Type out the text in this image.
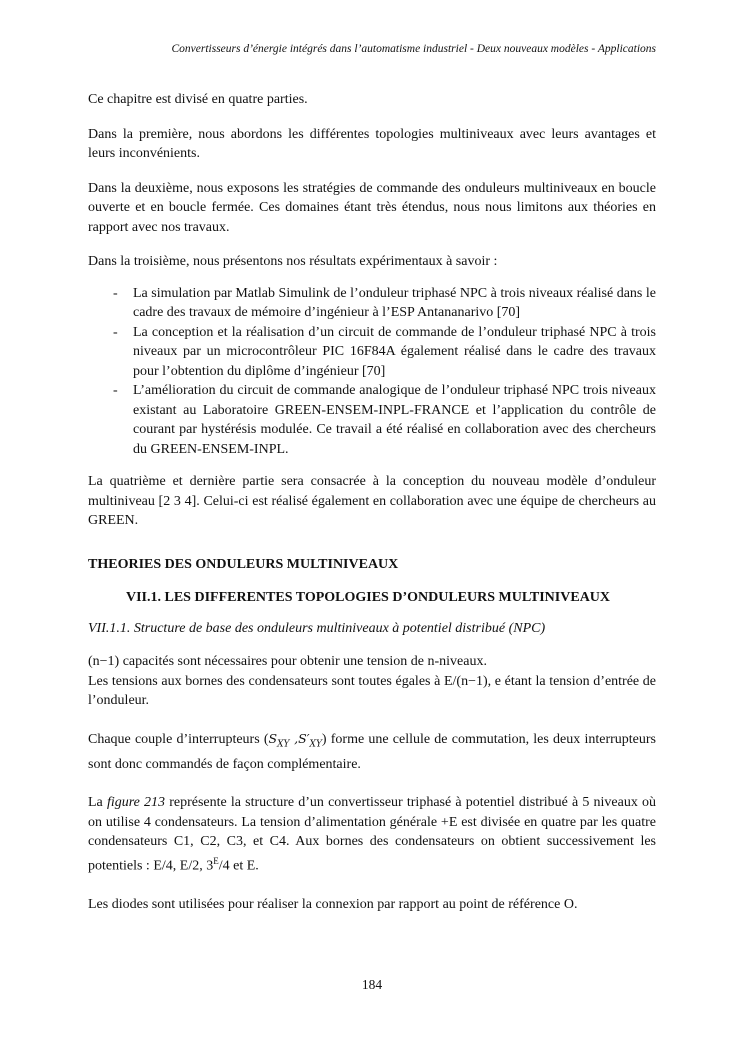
Convertisseurs d’énergie intégrés dans l’automatisme industriel - Deux nouveaux modèles - Applications

Ce chapitre est divisé en quatre parties.

Dans la première, nous abordons les différentes topologies multiniveaux avec leurs avantages et leurs inconvénients.

Dans la deuxième, nous exposons les stratégies de commande des onduleurs multiniveaux en boucle ouverte et en boucle fermée. Ces domaines étant très étendus, nous nous limitons aux théories en rapport avec nos travaux.

Dans la troisième, nous présentons nos résultats expérimentaux à savoir :

- La simulation par Matlab Simulink de l’onduleur triphasé NPC à trois niveaux réalisé dans le cadre des travaux de mémoire d’ingénieur à l’ESP Antananarivo [70]
- La conception et la réalisation d’un circuit de commande de l’onduleur triphasé NPC à trois niveaux par un microcontrôleur PIC 16F84A également réalisé dans le cadre des travaux pour l’obtention du diplôme d’ingénieur [70]
- L’amélioration du circuit de commande analogique de l’onduleur triphasé NPC trois niveaux existant au Laboratoire GREEN-ENSEM-INPL-FRANCE et l’application du contrôle de courant par hystérésis modulée. Ce travail a été réalisé en collaboration avec des chercheurs du GREEN-ENSEM-INPL.

La quatrième et dernière partie sera consacrée à la conception du nouveau modèle d’onduleur multiniveau [2 3 4]. Celui-ci est réalisé également en collaboration avec une équipe de chercheurs au GREEN.

THEORIES DES ONDULEURS MULTINIVEAUX
VII.1. LES DIFFERENTES TOPOLOGIES D’ONDULEURS MULTINIVEAUX
VII.1.1. Structure de base des onduleurs multiniveaux à potentiel distribué (NPC)

(n−1) capacités sont nécessaires pour obtenir une tension de n-niveaux.
Les tensions aux bornes des condensateurs sont toutes égales à E/(n−1), e étant la tension d’entrée de l’onduleur.

Chaque couple d’interrupteurs ($S_{XY}$ $,S'_{XY}$) forme une cellule de commutation, les deux interrupteurs sont donc commandés de façon complémentaire.

La figure 213 représente la structure d’un convertisseur triphasé à potentiel distribué à 5 niveaux où on utilise 4 condensateurs. La tension d’alimentation générale +E est divisée en quatre par les quatre condensateurs C1, C2, C3, et C4. Aux bornes des condensateurs on obtient successivement les potentiels : E/4, E/2, $3^E/4$ et E.

Les diodes sont utilisées pour réaliser la connexion par rapport au point de référence O.

184
